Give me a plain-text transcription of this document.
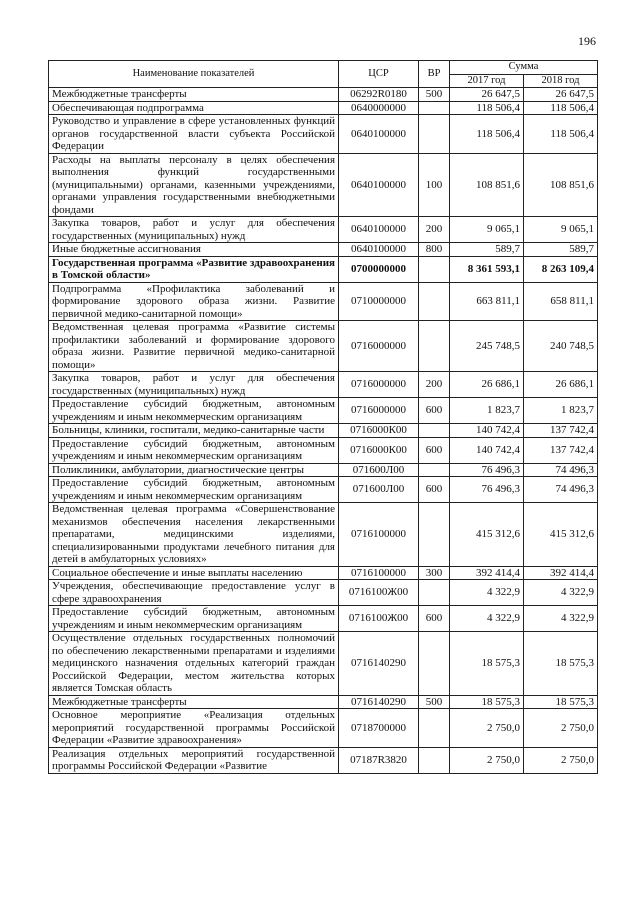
196
Наименование показателей	ЦСР	ВР	Сумма	
			2017 год	2018 год
Межбюджетные трансферты	06292R0180	500	26 647,5	26 647,5
Обеспечивающая подпрограмма	0640000000		118 506,4	118 506,4
Руководство и управление в сфере установленных функций органов государственной власти субъекта Российской Федерации	0640100000		118 506,4	118 506,4
Расходы на выплаты персоналу в целях обеспечения выполнения функций государственными (муниципальными) органами, казенными учреждениями, органами управления государственными внебюджетными фондами	0640100000	100	108 851,6	108 851,6
Закупка товаров, работ и услуг для обеспечения государственных (муниципальных) нужд	0640100000	200	9 065,1	9 065,1
Иные бюджетные ассигнования	0640100000	800	589,7	589,7
Государственная программа «Развитие здравоохранения в Томской области»	0700000000		8 361 593,1	8 263 109,4
Подпрограмма «Профилактика заболеваний и формирование здорового образа жизни. Развитие первичной медико-санитарной помощи»	0710000000		663 811,1	658 811,1
Ведомственная целевая программа «Развитие системы профилактики заболеваний и формирование здорового образа жизни. Развитие первичной медико-санитарной помощи»	0716000000		245 748,5	240 748,5
Закупка товаров, работ и услуг для обеспечения государственных (муниципальных) нужд	0716000000	200	26 686,1	26 686,1
Предоставление субсидий бюджетным, автономным учреждениям и иным некоммерческим организациям	0716000000	600	1 823,7	1 823,7
Больницы, клиники, госпитали, медико-санитарные части	0716000К00		140 742,4	137 742,4
Предоставление субсидий бюджетным, автономным учреждениям и иным некоммерческим организациям	0716000К00	600	140 742,4	137 742,4
Поликлиники, амбулатории, диагностические центры	071600Л00		76 496,3	74 496,3
Предоставление субсидий бюджетным, автономным учреждениям и иным некоммерческим организациям	071600Л00	600	76 496,3	74 496,3
Ведомственная целевая программа «Совершенствование механизмов обеспечения населения лекарственными препаратами, медицинскими изделиями, специализированными продуктами лечебного питания для детей в амбулаторных условиях»	0716100000		415 312,6	415 312,6
Социальное обеспечение и иные выплаты населению	0716100000	300	392 414,4	392 414,4
Учреждения, обеспечивающие предоставление услуг в сфере здравоохранения	0716100Ж00		4 322,9	4 322,9
Предоставление субсидий бюджетным, автономным учреждениям и иным некоммерческим организациям	0716100Ж00	600	4 322,9	4 322,9
Осуществление отдельных государственных полномочий по обеспечению лекарственными препаратами и изделиями медицинского назначения отдельных категорий граждан Российской Федерации, местом жительства которых является Томская область	0716140290		18 575,3	18 575,3
Межбюджетные трансферты	0716140290	500	18 575,3	18 575,3
Основное мероприятие «Реализация отдельных мероприятий государственной программы Российской Федерации «Развитие здравоохранения»	0718700000		2 750,0	2 750,0
Реализация отдельных мероприятий государственной программы Российской Федерации «Развитие	07187R3820		2 750,0	2 750,0
